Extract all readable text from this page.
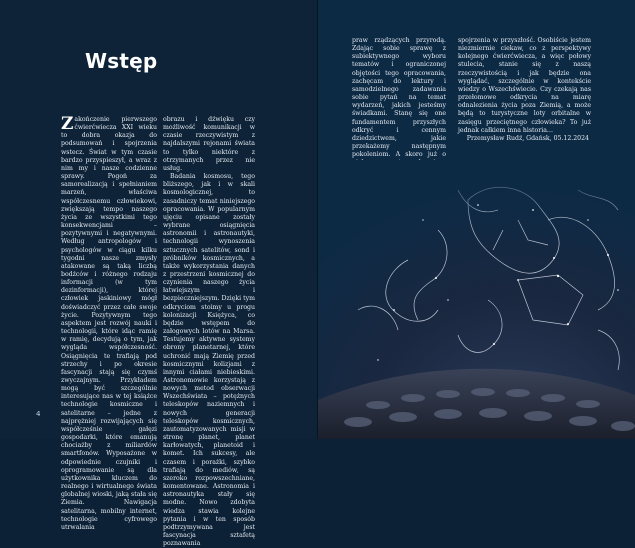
Wstęp

Zakończenie pierwszego ćwierćwiecza XXI wieku to dobra okazja do podsumowań i spojrzenia wstecz. Świat w tym czasie bardzo przyspieszył, a wraz z nim my i nasze codzienne sprawy. Pogoń za samorealizacją i spełnianiem marzeń, właściwa współczesnemu człowiekowi, zwiększają tempo naszego życia ze wszystkimi tego konsekwencjami – pozytywnymi i negatywnymi. Według antropologów i psychologów w ciągu kilku tygodni nasze zmysły atakowane są taką liczbą bodźców i różnego rodzaju informacji (w tym dezinformacji), której człowiek jaskiniowy mógł doświadczyć przez całe swoje życie. Pozytywnym tego aspektem jest rozwój nauki i technologii, które idąc ramię w ramię, decydują o tym, jak wygląda współczesność. Osiągnięcia te trafiają pod strzechy i po okresie fascynacji stają się czymś zwyczajnym. Przykładem mogą być szczególnie interesujące nas w tej książce technologie kosmiczne i satelitarne – jedne z najprężniej rozwijających się współcześnie gałęzi gospodarki, które emanują chociażby z miliardów smartfonów. Wyposażone w odpowiednie czujniki i oprogramowanie są dla użytkownika kluczem do realnego i wirtualnego świata globalnej wioski, jaką stała się Ziemia. Nawigacja satelitarna, mobilny internet, technologie cyfrowego utrwalania

obrazu i dźwięku czy możliwość komunikacji w czasie rzeczywistym z najdalszymi rejonami świata to tylko niektóre z otrzymanych przez nie usług.

Badania kosmosu, tego bliższego, jak i w skali kosmologicznej, to zasadniczy temat niniejszego opracowania. W popularnym ujęciu opisane zostały wybrane osiągnięcia astronomii i astronautyki, technologii wynoszenia sztucznych satelitów, sond i próbników kosmicznych, a także wykorzystania danych z przestrzeni kosmicznej do czynienia naszego życia łatwiejszym i bezpieczniejszym. Dzięki tym odkryciom stoimy u progu kolonizacji Księżyca, co będzie wstępem do załogowych lotów na Marsa. Testujemy aktywne systemy obrony planetarnej, które uchronić mają Ziemię przed kosmicznymi kolizjami z innymi ciałami niebieskimi. Astronomowie korzystają z nowych metod obserwacji Wszechświata – potężnych teleskopów naziemnych i nowych generacji teleskopów kosmicznych, zautomatyzowanych misji w stronę planet, planet karłowatych, planetoid i komet. Ich sukcesy, ale czasem i porażki, szybko trafiają do mediów, są szeroko rozpowszechniane, komentowane. Astronomia i astronautyka stały się modne. Nowo zdobyta wiedza stawia kolejne pytania i w ten sposób podtrzymywana jest fascynacja sztafetą poznawania

4

praw rządzących przyrodą. Zdając sobie sprawę z subiektywnego wyboru tematów i ograniczonej objętości tego opracowania, zachęcam do lektury i samodzielnego zadawania sobie pytań na temat wydarzeń, jakich jesteśmy świadkami. Stanę się one fundamentem przyszłych odkryć i cennym dziedzictwem, jakie przekażemy następnym pokoleniom. A skoro już o

spojrzenia w przyszłość. Osobiście jestem niezmiernie ciekaw, co z perspektywy kolejnego ćwierćwiecza, a więc połowy stulecia, stanie się z naszą rzeczywistością i jak będzie ona wyglądać, szczególnie w kontekście wiedzy o Wszechświecie. Czy czekają nas przełomowe odkrycia na miarę odnalezienia życia poza Ziemią, a może będą to turystyczne loty orbitalne w zasięgu przeciętnego człowieka? To już jednak całkiem inna historia…

Przemysław Rudź, Gdańsk, 05.12.2024
